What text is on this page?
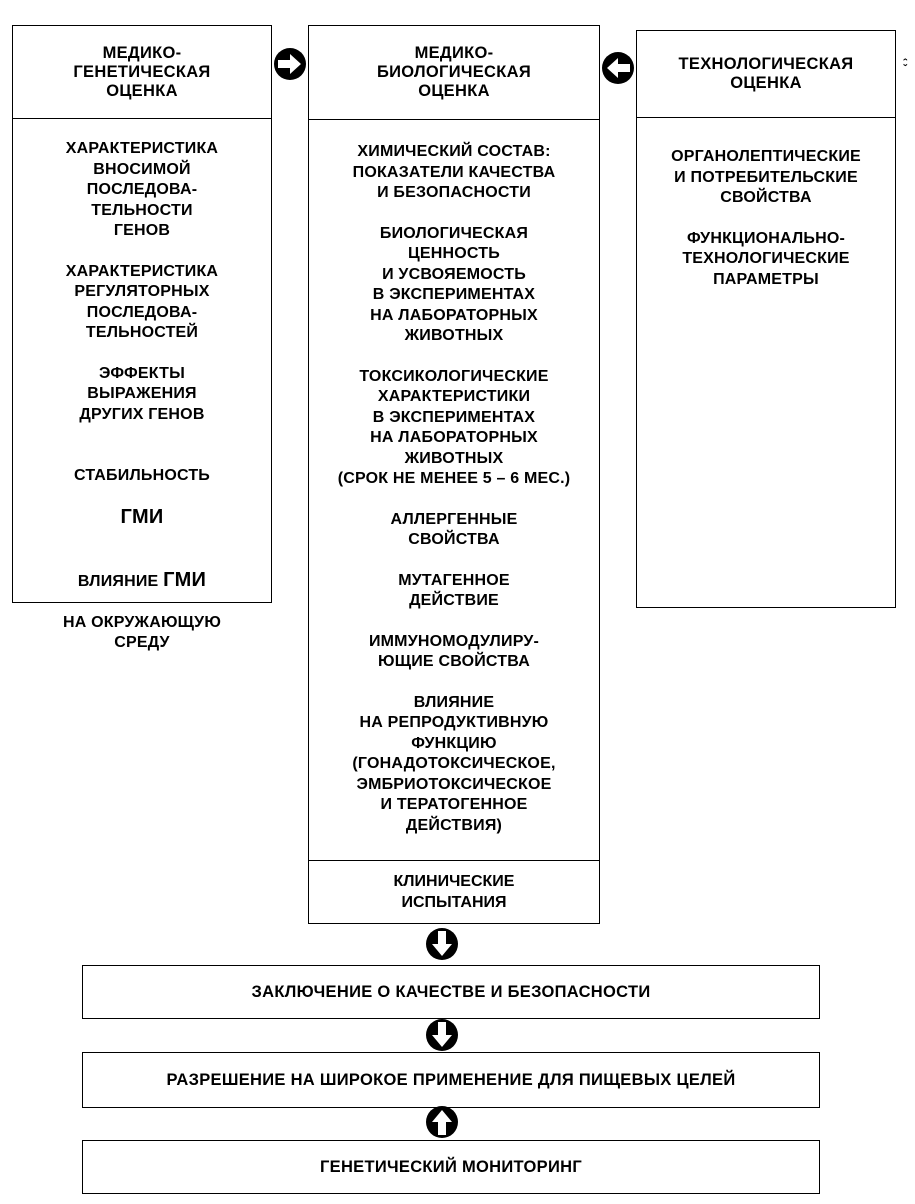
МЕДИКО-
ГЕНЕТИЧЕСКАЯ
ОЦЕНКА
ХАРАКТЕРИСТИКА
ВНОСИМОЙ
ПОСЛЕДОВА-
ТЕЛЬНОСТИ
ГЕНОВ
ХАРАКТЕРИСТИКА
РЕГУЛЯТОРНЫХ
ПОСЛЕДОВА-
ТЕЛЬНОСТЕЙ
ЭФФЕКТЫ
ВЫРАЖЕНИЯ
ДРУГИХ ГЕНОВ

СТАБИЛЬНОСТЬ

ГМИ

ВЛИЯНИЕ ГМИ

НА ОКРУЖАЮЩУЮ
СРЕДУ

МЕДИКО-
БИОЛОГИЧЕСКАЯ
ОЦЕНКА
ХИМИЧЕСКИЙ СОСТАВ:
ПОКАЗАТЕЛИ КАЧЕСТВА
И БЕЗОПАСНОСТИ
БИОЛОГИЧЕСКАЯ
ЦЕННОСТЬ
И УСВОЯЕМОСТЬ
В ЭКСПЕРИМЕНТАХ
НА ЛАБОРАТОРНЫХ
ЖИВОТНЫХ
ТОКСИКОЛОГИЧЕСКИЕ
ХАРАКТЕРИСТИКИ
В ЭКСПЕРИМЕНТАХ
НА ЛАБОРАТОРНЫХ
ЖИВОТНЫХ
(СРОК НЕ МЕНЕЕ 5 – 6 МЕС.)
АЛЛЕРГЕННЫЕ
СВОЙСТВА
МУТАГЕННОЕ
ДЕЙСТВИЕ
ИММУНОМОДУЛИРУ-
ЮЩИЕ СВОЙСТВА
ВЛИЯНИЕ
НА РЕПРОДУКТИВНУЮ
ФУНКЦИЮ
(ГОНАДОТОКСИЧЕСКОЕ,
ЭМБРИОТОКСИЧЕСКОЕ
И ТЕРАТОГЕННОЕ
ДЕЙСТВИЯ)
КЛИНИЧЕСКИЕ
ИСПЫТАНИЯ
ТЕХНОЛОГИЧЕСКАЯ
ОЦЕНКА
ОРГАНОЛЕПТИЧЕСКИЕ
И ПОТРЕБИТЕЛЬСКИЕ
СВОЙСТВА
ФУНКЦИОНАЛЬНО-
ТЕХНОЛОГИЧЕСКИЕ
ПАРАМЕТРЫ
‹ ›
ЗАКЛЮЧЕНИЕ О КАЧЕСТВЕ И БЕЗОПАСНОСТИ
РАЗРЕШЕНИЕ НА ШИРОКОЕ ПРИМЕНЕНИЕ ДЛЯ ПИЩЕВЫХ ЦЕЛЕЙ
ГЕНЕТИЧЕСКИЙ МОНИТОРИНГ
